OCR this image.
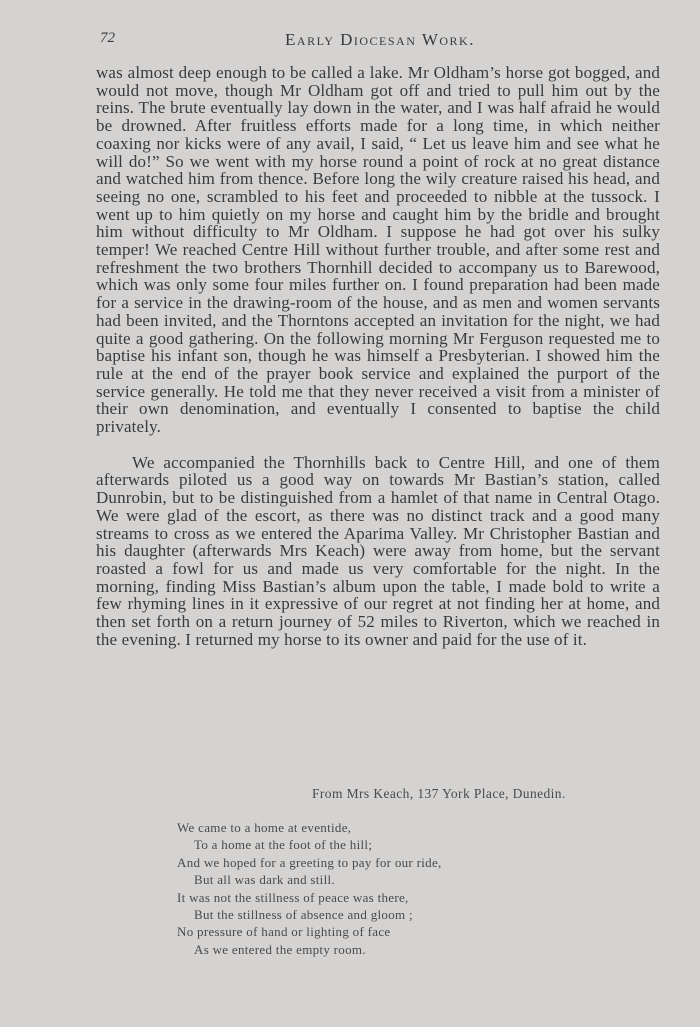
72	Early Diocesan Work.

was almost deep enough to be called a lake. Mr Oldham’s horse got bogged, and would not move, though Mr Oldham got off and tried to pull him out by the reins. The brute eventually lay down in the water, and I was half afraid he would be drowned. After fruitless efforts made for a long time, in which neither coaxing nor kicks were of any avail, I said, “ Let us leave him and see what he will do!” So we went with my horse round a point of rock at no great distance and watched him from thence. Before long the wily creature raised his head, and seeing no one, scrambled to his feet and proceeded to nibble at the tussock. I went up to him quietly on my horse and caught him by the bridle and brought him without difficulty to Mr Oldham. I suppose he had got over his sulky temper! We reached Centre Hill without further trouble, and after some rest and refreshment the two brothers Thornhill decided to accompany us to Barewood, which was only some four miles further on. I found preparation had been made for a service in the drawing-room of the house, and as men and women servants had been invited, and the Thorntons accepted an invitation for the night, we had quite a good gathering. On the following morning Mr Ferguson requested me to baptise his infant son, though he was himself a Presbyterian. I showed him the rule at the end of the prayer book service and explained the purport of the service generally. He told me that they never received a visit from a minister of their own denomination, and eventually I consented to baptise the child privately.

We accompanied the Thornhills back to Centre Hill, and one of them afterwards piloted us a good way on towards Mr Bastian’s station, called Dunrobin, but to be distinguished from a hamlet of that name in Central Otago. We were glad of the escort, as there was no distinct track and a good many streams to cross as we entered the Aparima Valley. Mr Christopher Bastian and his daughter (afterwards Mrs Keach) were away from home, but the servant roasted a fowl for us and made us very comfortable for the night. In the morning, finding Miss Bastian’s album upon the table, I made bold to write a few rhyming lines in it expressive of our regret at not finding her at home, and then set forth on a return journey of 52 miles to Riverton, which we reached in the evening. I returned my horse to its owner and paid for the use of it.

From Mrs Keach, 137 York Place, Dunedin.
We came to a home at eventide,
To a home at the foot of the hill;
And we hoped for a greeting to pay for our ride,
But all was dark and still.
It was not the stillness of peace was there,
But the stillness of absence and gloom ;
No pressure of hand or lighting of face
As we entered the empty room.
